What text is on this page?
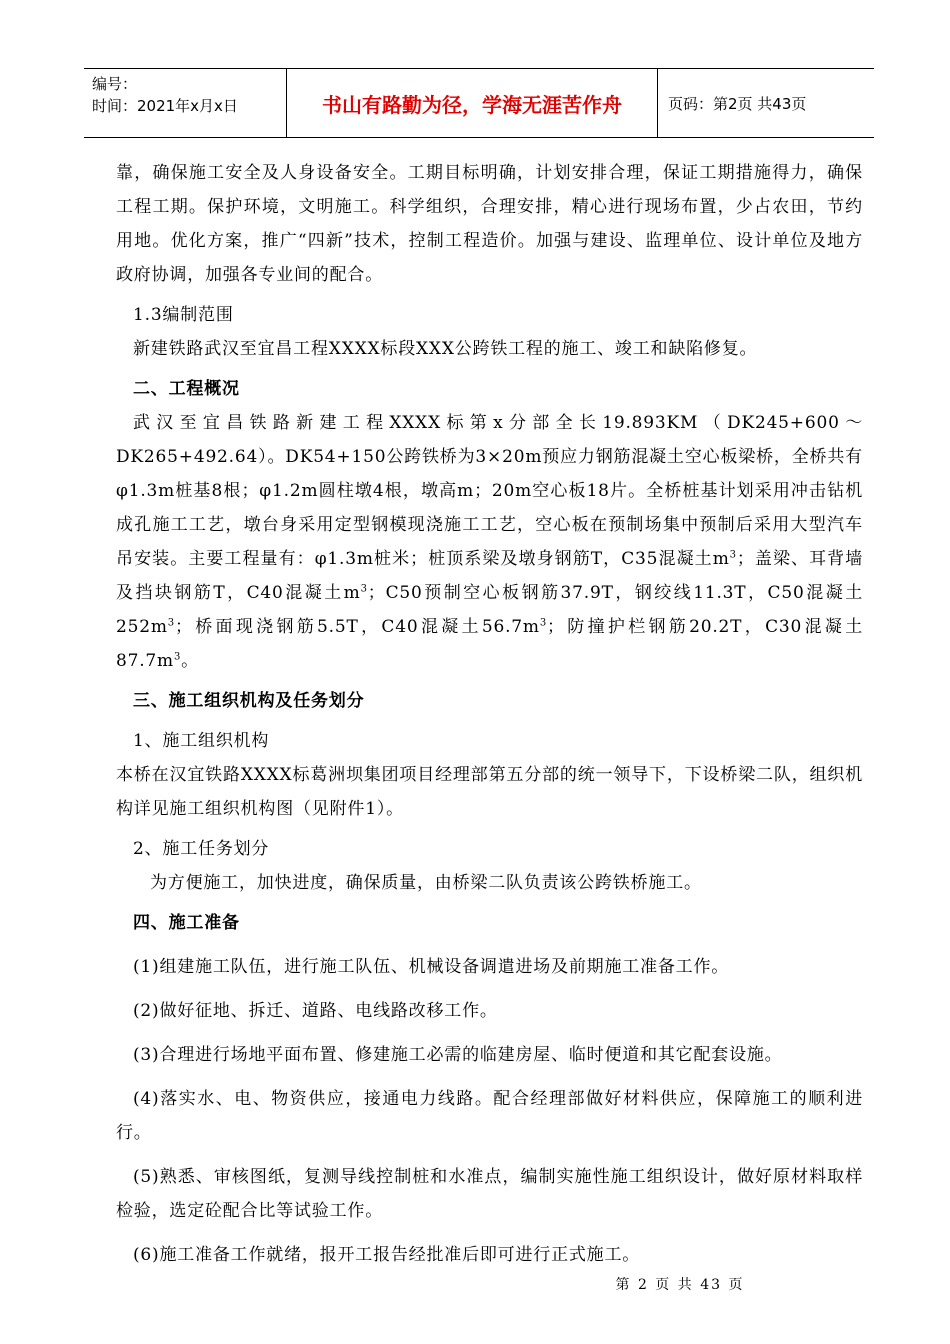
编号：
时间：2021年x月x日	书山有路勤为径，学海无涯苦作舟	页码：第2页 共43页

靠，确保施工安全及人身设备安全。工期目标明确，计划安排合理，保证工期措施得力，确保工程工期。保护环境，文明施工。科学组织，合理安排，精心进行现场布置，少占农田，节约用地。优化方案，推广“四新”技术，控制工程造价。加强与建设、监理单位、设计单位及地方政府协调，加强各专业间的配合。

1.3编制范围

新建铁路武汉至宜昌工程XXXX标段XXX公跨铁工程的施工、竣工和缺陷修复。

二、工程概况

武汉至宜昌铁路新建工程XXXX标第x分部全长19.893KM（DK245+600～DK265+492.64）。DK54+150公跨铁桥为3×20m预应力钢筋混凝土空心板梁桥，全桥共有φ1.3m桩基8根；φ1.2m圆柱墩4根，墩高m；20m空心板18片。全桥桩基计划采用冲击钻机成孔施工工艺，墩台身采用定型钢模现浇施工工艺，空心板在预制场集中预制后采用大型汽车吊安装。主要工程量有：φ1.3m桩米；桩顶系梁及墩身钢筋T，C35混凝土$m^3$；盖梁、耳背墙及挡块钢筋T，C40混凝土$m^3$；C50预制空心板钢筋37.9T，钢绞线11.3T，C50混凝土$252m^3$；桥面现浇钢筋5.5T，C40混凝土$56.7m^3$；防撞护栏钢筋20.2T，C30混凝土$87.7m^3$。

三、施工组织机构及任务划分
1、施工组织机构

本桥在汉宜铁路XXXX标葛洲坝集团项目经理部第五分部的统一领导下，下设桥梁二队，组织机构详见施工组织机构图（见附件1）。

2、施工任务划分

为方便施工，加快进度，确保质量，由桥梁二队负责该公跨铁桥施工。

四、施工准备

(1)组建施工队伍，进行施工队伍、机械设备调遣进场及前期施工准备工作。

(2)做好征地、拆迁、道路、电线路改移工作。

(3)合理进行场地平面布置、修建施工必需的临建房屋、临时便道和其它配套设施。

(4)落实水、电、物资供应，接通电力线路。配合经理部做好材料供应，保障施工的顺利进行。

(5)熟悉、审核图纸，复测导线控制桩和水准点，编制实施性施工组织设计，做好原材料取样检验，选定砼配合比等试验工作。

(6)施工准备工作就绪，报开工报告经批准后即可进行正式施工。

第 2 页 共 43 页
